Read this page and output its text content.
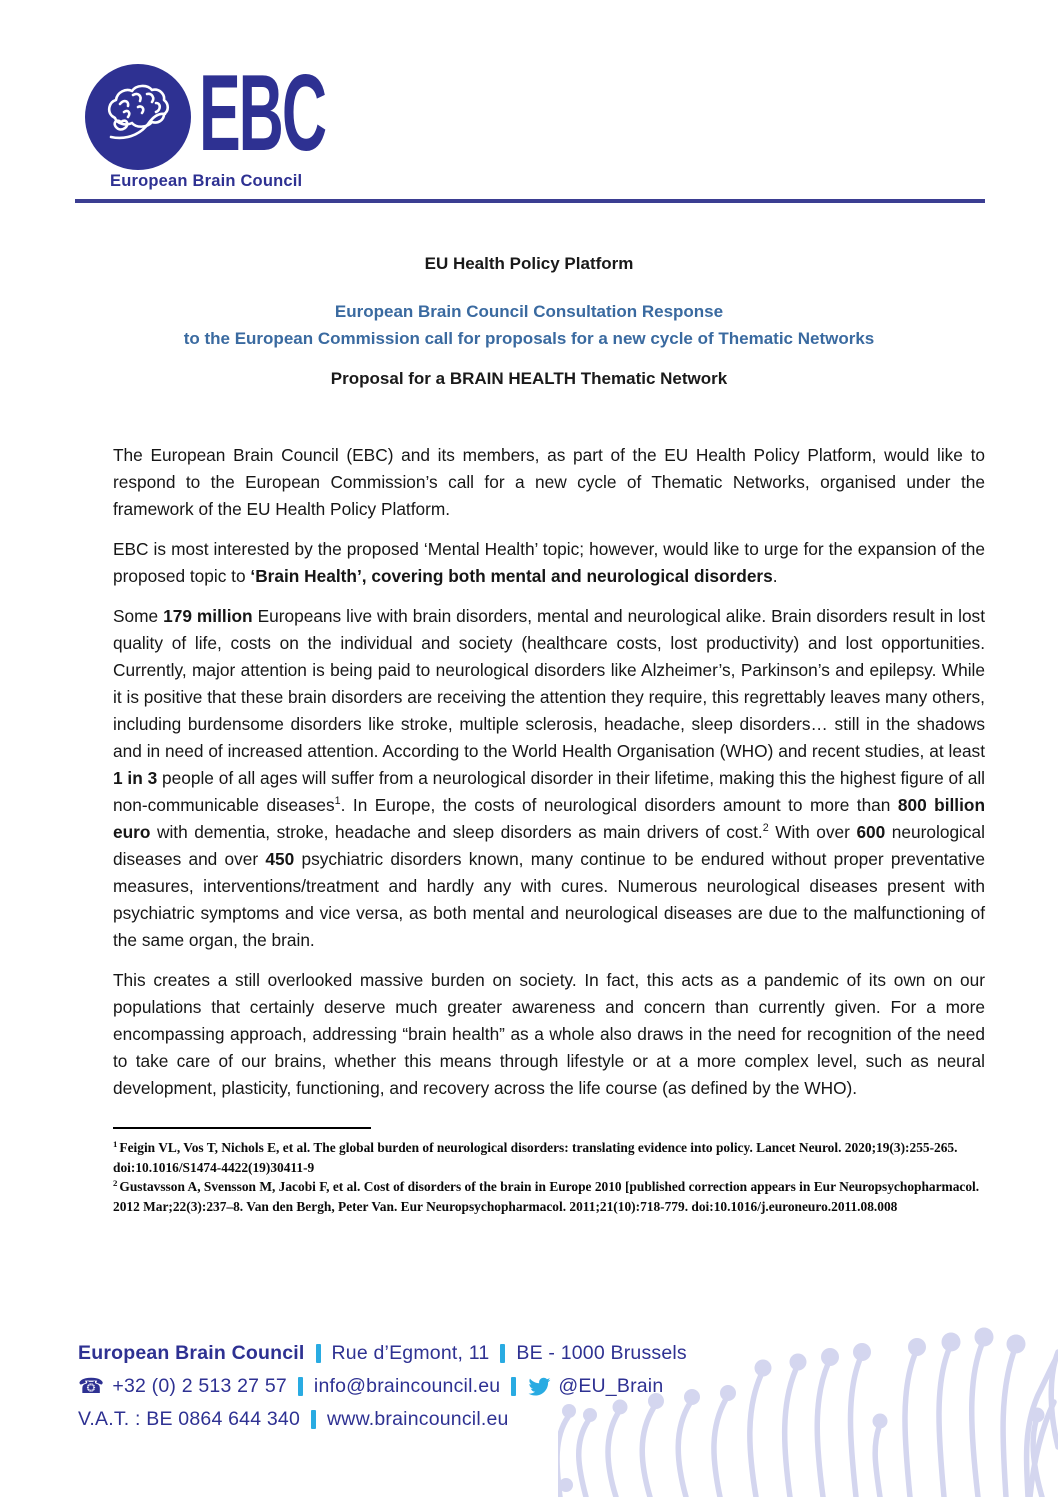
EBC
European Brain Council
EU Health Policy Platform
European Brain Council Consultation Response
to the European Commission call for proposals for a new cycle of Thematic Networks
Proposal for a BRAIN HEALTH Thematic Network

The European Brain Council (EBC) and its members, as part of the EU Health Policy Platform, would like to respond to the European Commission’s call for a new cycle of Thematic Networks, organised under the framework of the EU Health Policy Platform.

EBC is most interested by the proposed ‘Mental Health’ topic; however, would like to urge for the expansion of the proposed topic to ‘Brain Health’, covering both mental and neurological disorders.

Some 179 million Europeans live with brain disorders, mental and neurological alike. Brain disorders result in lost quality of life, costs on the individual and society (healthcare costs, lost productivity) and lost opportunities. Currently, major attention is being paid to neurological disorders like Alzheimer’s, Parkinson’s and epilepsy. While it is positive that these brain disorders are receiving the attention they require, this regrettably leaves many others, including burdensome disorders like stroke, multiple sclerosis, headache, sleep disorders… still in the shadows and in need of increased attention. According to the World Health Organisation (WHO) and recent studies, at least 1 in 3 people of all ages will suffer from a neurological disorder in their lifetime, making this the highest figure of all non-communicable diseases$^1$. In Europe, the costs of neurological disorders amount to more than 800 billion euro with dementia, stroke, headache and sleep disorders as main drivers of cost.$^2$ With over 600 neurological diseases and over 450 psychiatric disorders known, many continue to be endured without proper preventative measures, interventions/treatment and hardly any with cures. Numerous neurological diseases present with psychiatric symptoms and vice versa, as both mental and neurological diseases are due to the malfunctioning of the same organ, the brain.

This creates a still overlooked massive burden on society. In fact, this acts as a pandemic of its own on our populations that certainly deserve much greater awareness and concern than currently given. For a more encompassing approach, addressing “brain health” as a whole also draws in the need for recognition of the need to take care of our brains, whether this means through lifestyle or at a more complex level, such as neural development, plasticity, functioning, and recovery across the life course (as defined by the WHO).

$^1$ Feigin VL, Vos T, Nichols E, et al. The global burden of neurological disorders: translating evidence into policy. Lancet Neurol. 2020;19(3):255-265. doi:10.1016/S1474-4422(19)30411-9
$^2$ Gustavsson A, Svensson M, Jacobi F, et al. Cost of disorders of the brain in Europe 2010 [published correction appears in Eur Neuropsychopharmacol. 2012 Mar;22(3):237–8. Van den Bergh, Peter Van. Eur Neuropsychopharmacol. 2011;21(10):718-779. doi:10.1016/j.euroneuro.2011.08.008
European Brain Council Rue d’Egmont, 11 BE - 1000 Brussels
☎ +32 (0) 2 513 27 57 info@braincouncil.eu	@EU_Brain
V.A.T. : BE 0864 644 340 www.braincouncil.eu
